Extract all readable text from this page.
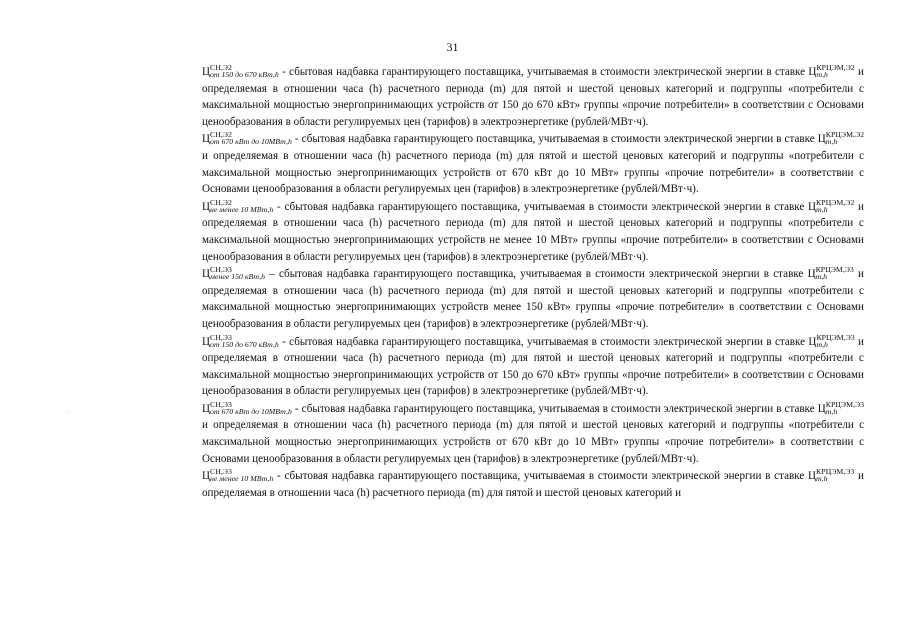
31
·

Ц СН,Э2
от 150 до 670 кВт,h - сбытовая надбавка гарантирующего поставщика, учитываемая в стоимости электрической энергии в ставке Ц КРЦЭМ,Э2
m,h	и определяемая в отношении часа (h) расчетного периода (m) для пятой и шестой ценовых категорий и подгруппы «потребители с максимальной мощностью энергопринимающих устройств от 150 до 670 кВт» группы «прочие потребители» в соответствии с Основами ценообразования в области регулируемых цен (тарифов) в электроэнергетике (рублей/МВт·ч).

Ц СН,Э2
от 670 кВт до 10МВт,h - сбытовая надбавка гарантирующего поставщика, учитываемая в стоимости электрической энергии в ставке Ц КРЦЭМ,Э2
m,h
и определяемая в отношении часа (h) расчетного периода (m) для пятой и шестой ценовых категорий и подгруппы «потребители с максимальной мощностью энергопринимающих устройств от 670 кВт до 10 МВт» группы «прочие потребители» в соответствии с Основами ценообразования в области регулируемых цен (тарифов) в электроэнергетике (рублей/МВт·ч).

Ц СН,Э2
не менее 10 МВт,h - сбытовая надбавка гарантирующего поставщика, учитываемая в стоимости электрической энергии в ставке Ц КРЦЭМ,Э2
m,h	и определяемая в отношении часа (h) расчетного периода (m) для пятой и шестой ценовых категорий и подгруппы «потребители с максимальной мощностью энергопринимающих устройств не менее 10 МВт» группы «прочие потребители» в соответствии с Основами ценообразования в области регулируемых цен (тарифов) в электроэнергетике (рублей/МВт·ч).

Ц СН,Э3
менее 150 кВт,h – сбытовая надбавка гарантирующего поставщика, учитываемая в стоимости электрической энергии в ставке Ц КРЦЭМ,Э3
m,h	и определяемая в отношении часа (h) расчетного периода (m) для пятой и шестой ценовых категорий и подгруппы «потребители с максимальной мощностью энергопринимающих устройств менее 150 кВт» группы «прочие потребители» в соответствии с Основами ценообразования в области регулируемых цен (тарифов) в электроэнергетике (рублей/МВт·ч).

Ц СН,Э3
от 150 до 670 кВт,h - сбытовая надбавка гарантирующего поставщика, учитываемая в стоимости электрической энергии в ставке Ц КРЦЭМ,Э3
m,h	и определяемая в отношении часа (h) расчетного периода (m) для пятой и шестой ценовых категорий и подгруппы «потребители с максимальной мощностью энергопринимающих устройств от 150 до 670 кВт» группы «прочие потребители» в соответствии с Основами ценообразования в области регулируемых цен (тарифов) в электроэнергетике (рублей/МВт·ч).

Ц СН,Э3
от 670 кВт до 10МВт,h - сбытовая надбавка гарантирующего поставщика, учитываемая в стоимости электрической энергии в ставке Ц КРЦЭМ,Э3
m,h
и определяемая в отношении часа (h) расчетного периода (m) для пятой и шестой ценовых категорий и подгруппы «потребители с максимальной мощностью энергопринимающих устройств от 670 кВт до 10 МВт» группы «прочие потребители» в соответствии с Основами ценообразования в области регулируемых цен (тарифов) в электроэнергетике (рублей/МВт·ч).

Ц СН,Э3
не менее 10 МВт,h - сбытовая надбавка гарантирующего поставщика, учитываемая в стоимости электрической энергии в ставке Ц КРЦЭМ,Э3
m,h	и определяемая в отношении часа (h) расчетного периода (m) для пятой и шестой ценовых категорий и
